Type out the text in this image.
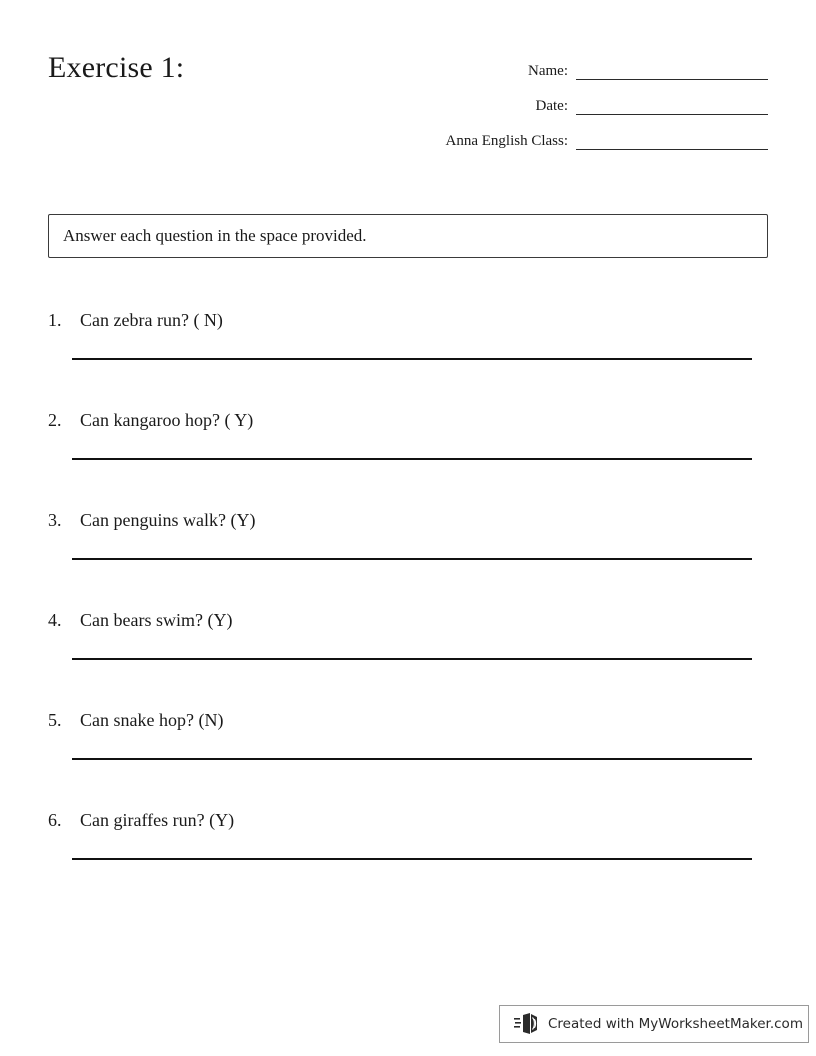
Exercise 1:	Name:
Date:
Anna English Class:
Answer each question in the space provided.
1.	Can zebra run? ( N)
2.	Can kangaroo hop? ( Y)
3.	Can penguins walk? (Y)
4.	Can bears swim? (Y)
5.	Can snake hop? (N)
6.	Can giraffes run? (Y)
Created with MyWorksheetMaker.com
